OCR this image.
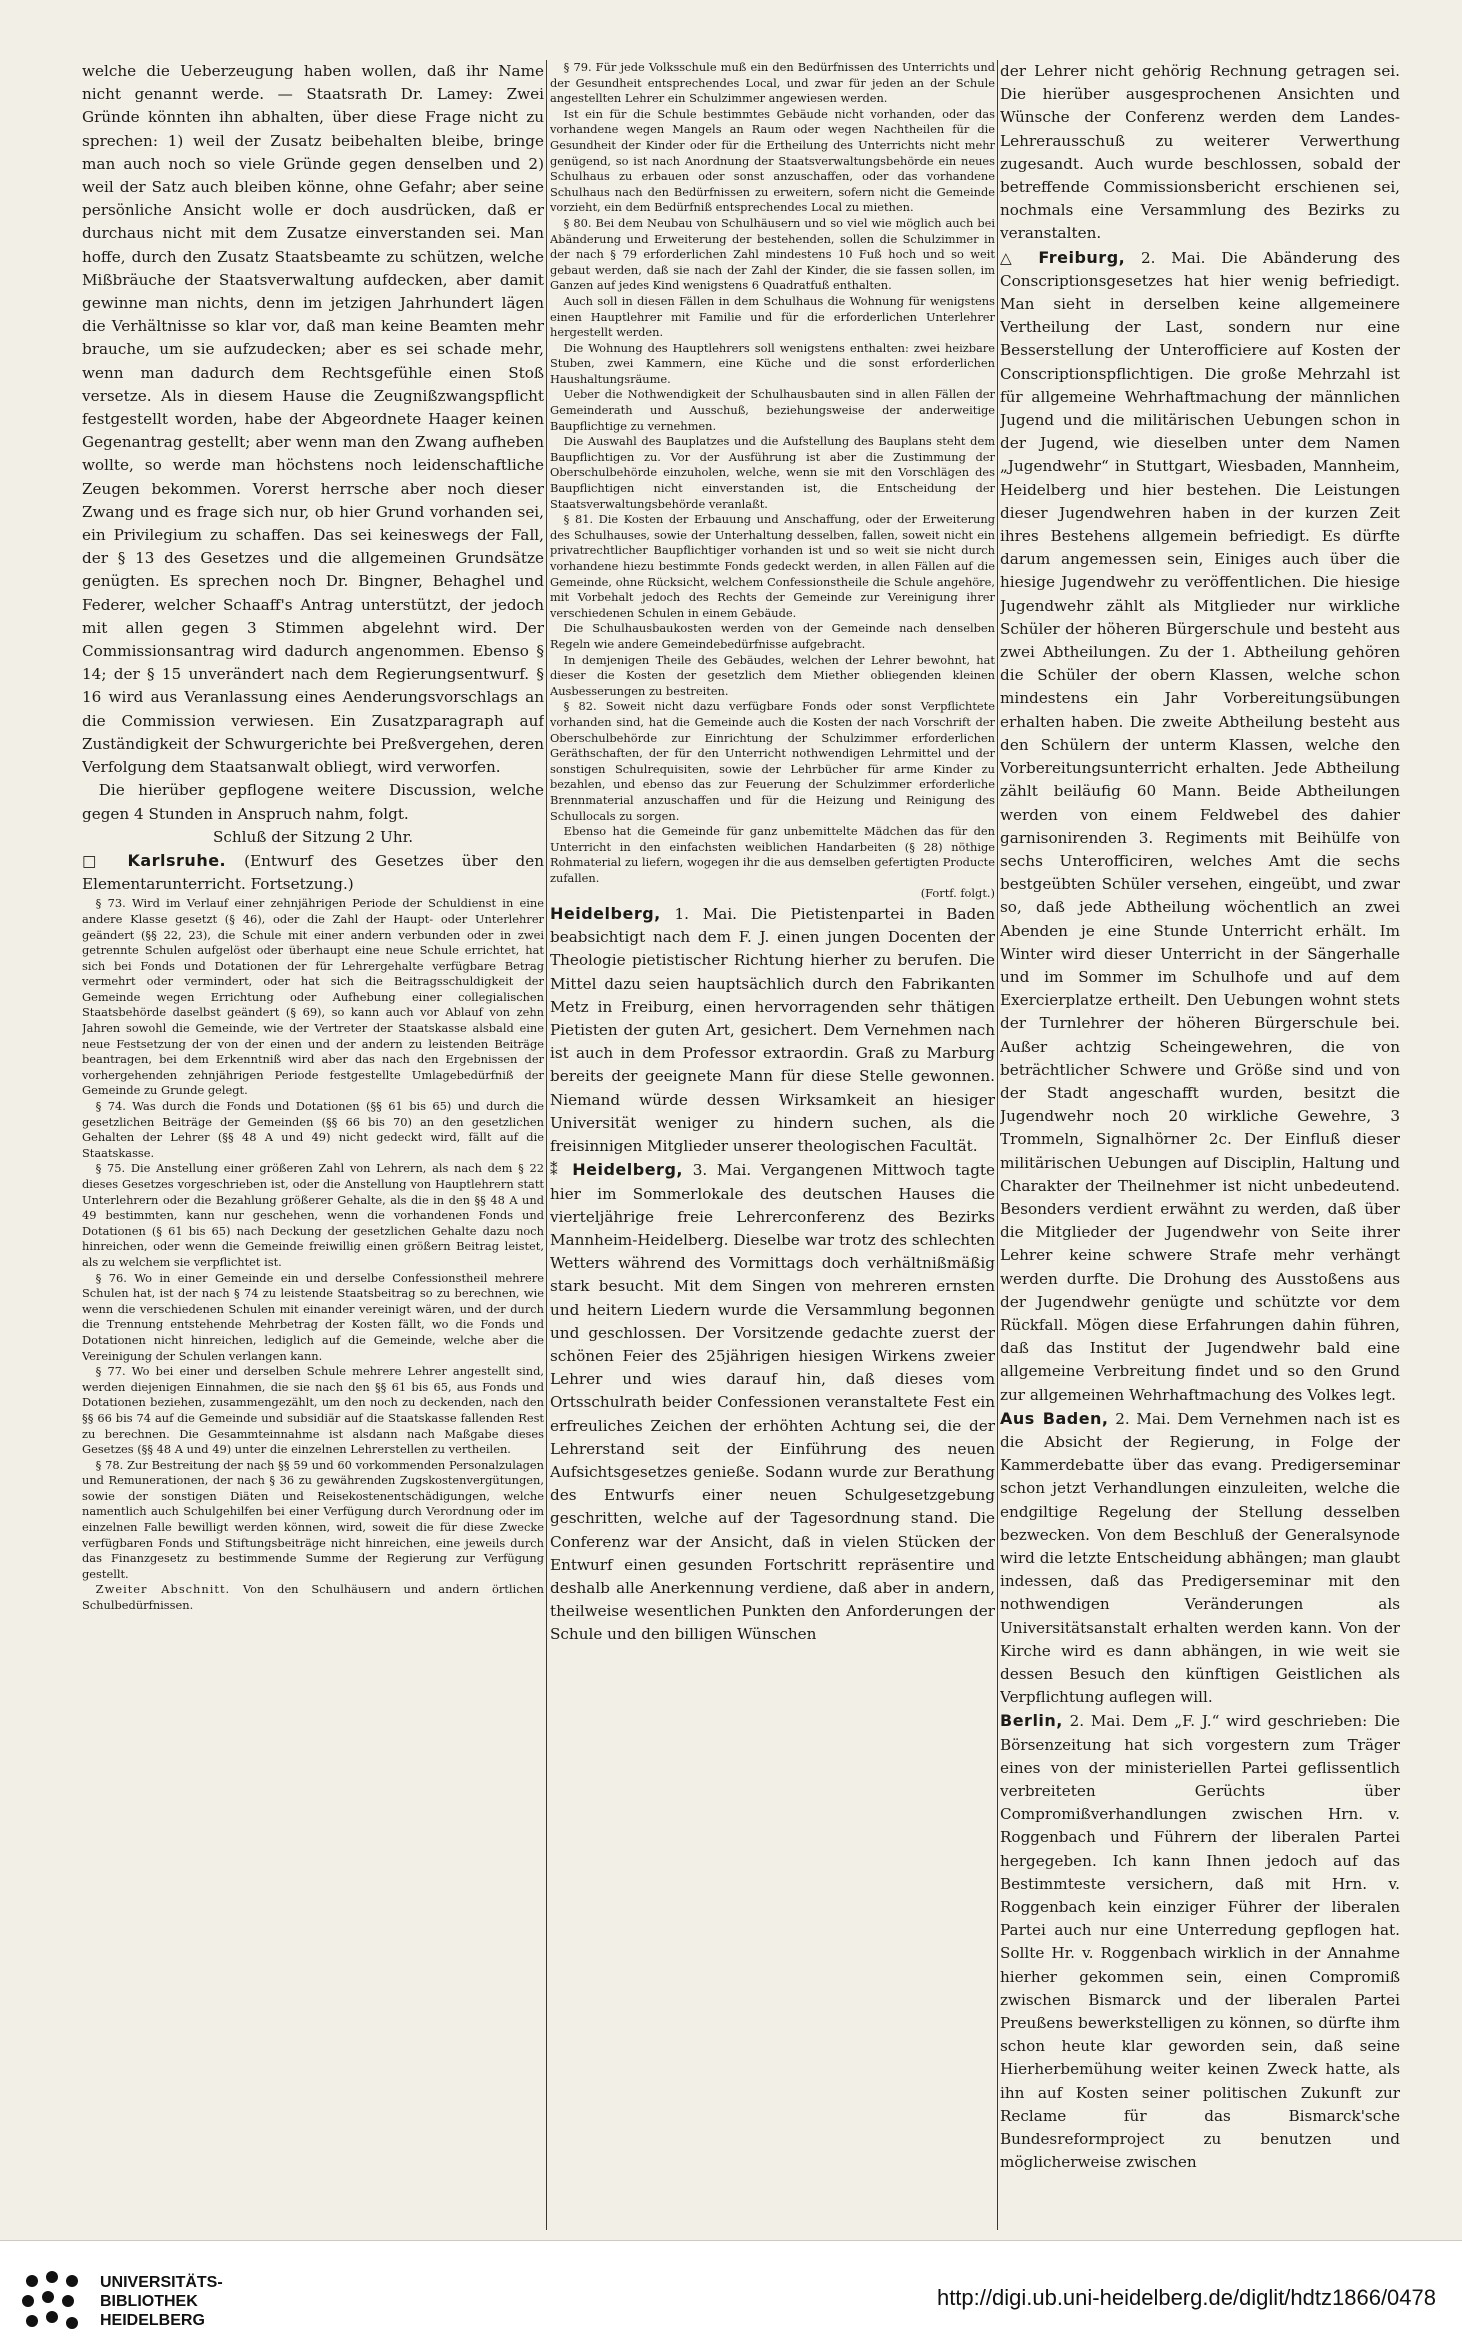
welche die Ueberzeugung haben wollen, daß ihr Name nicht genannt werde. — Staatsrath Dr. Lamey: Zwei Gründe könnten ihn abhalten, über diese Frage nicht zu sprechen: 1) weil der Zusatz beibehalten bleibe, bringe man auch noch so viele Gründe gegen denselben und 2) weil der Satz auch bleiben könne, ohne Gefahr; aber seine persönliche Ansicht wolle er doch ausdrücken, daß er durchaus nicht mit dem Zusatze einverstanden sei. Man hoffe, durch den Zusatz Staatsbeamte zu schützen, welche Mißbräuche der Staatsverwaltung aufdecken, aber damit gewinne man nichts, denn im jetzigen Jahrhundert lägen die Verhältnisse so klar vor, daß man keine Beamten mehr brauche, um sie aufzudecken; aber es sei schade mehr, wenn man dadurch dem Rechtsgefühle einen Stoß versetze. Als in diesem Hause die Zeugnißzwangspflicht festgestellt worden, habe der Abgeordnete Haager keinen Gegenantrag gestellt; aber wenn man den Zwang aufheben wollte, so werde man höchstens noch leidenschaftliche Zeugen bekommen. Vorerst herrsche aber noch dieser Zwang und es frage sich nur, ob hier Grund vorhanden sei, ein Privilegium zu schaffen. Das sei keineswegs der Fall, der § 13 des Gesetzes und die allgemeinen Grundsätze genügten. Es sprechen noch Dr. Bingner, Behaghel und Federer, welcher Schaaff's Antrag unterstützt, der jedoch mit allen gegen 3 Stimmen abgelehnt wird. Der Commissionsantrag wird dadurch angenommen. Ebenso § 14; der § 15 unverändert nach dem Regierungsentwurf. § 16 wird aus Veranlassung eines Aenderungsvorschlags an die Commission verwiesen. Ein Zusatzparagraph auf Zuständigkeit der Schwurgerichte bei Preßvergehen, deren Verfolgung dem Staatsanwalt obliegt, wird verworfen.

Die hierüber gepflogene weitere Discussion, welche gegen 4 Stunden in Anspruch nahm, folgt.

Schluß der Sitzung 2 Uhr.

□ Karlsruhe. (Entwurf des Gesetzes über den Elementarunterricht. Fortsetzung.)

§ 73. Wird im Verlauf einer zehnjährigen Periode der Schuldienst in eine andere Klasse gesetzt (§ 46), oder die Zahl der Haupt- oder Unterlehrer geändert (§§ 22, 23), die Schule mit einer andern verbunden oder in zwei getrennte Schulen aufgelöst oder überhaupt eine neue Schule errichtet, hat sich bei Fonds und Dotationen der für Lehrergehalte verfügbare Betrag vermehrt oder vermindert, oder hat sich die Beitragsschuldigkeit der Gemeinde wegen Errichtung oder Aufhebung einer collegialischen Staatsbehörde daselbst geändert (§ 69), so kann auch vor Ablauf von zehn Jahren sowohl die Gemeinde, wie der Vertreter der Staatskasse alsbald eine neue Festsetzung der von der einen und der andern zu leistenden Beiträge beantragen, bei dem Erkenntniß wird aber das nach den Ergebnissen der vorhergehenden zehnjährigen Periode festgestellte Umlagebedürfniß der Gemeinde zu Grunde gelegt.

§ 74. Was durch die Fonds und Dotationen (§§ 61 bis 65) und durch die gesetzlichen Beiträge der Gemeinden (§§ 66 bis 70) an den gesetzlichen Gehalten der Lehrer (§§ 48 A und 49) nicht gedeckt wird, fällt auf die Staatskasse.

§ 75. Die Anstellung einer größeren Zahl von Lehrern, als nach dem § 22 dieses Gesetzes vorgeschrieben ist, oder die Anstellung von Hauptlehrern statt Unterlehrern oder die Bezahlung größerer Gehalte, als die in den §§ 48 A und 49 bestimmten, kann nur geschehen, wenn die vorhandenen Fonds und Dotationen (§ 61 bis 65) nach Deckung der gesetzlichen Gehalte dazu noch hinreichen, oder wenn die Gemeinde freiwillig einen größern Beitrag leistet, als zu welchem sie verpflichtet ist.

§ 76. Wo in einer Gemeinde ein und derselbe Confessionstheil mehrere Schulen hat, ist der nach § 74 zu leistende Staatsbeitrag so zu berechnen, wie wenn die verschiedenen Schulen mit einander vereinigt wären, und der durch die Trennung entstehende Mehrbetrag der Kosten fällt, wo die Fonds und Dotationen nicht hinreichen, lediglich auf die Gemeinde, welche aber die Vereinigung der Schulen verlangen kann.

§ 77. Wo bei einer und derselben Schule mehrere Lehrer angestellt sind, werden diejenigen Einnahmen, die sie nach den §§ 61 bis 65, aus Fonds und Dotationen beziehen, zusammengezählt, um den noch zu deckenden, nach den §§ 66 bis 74 auf die Gemeinde und subsidiär auf die Staatskasse fallenden Rest zu berechnen. Die Gesammteinnahme ist alsdann nach Maßgabe dieses Gesetzes (§§ 48 A und 49) unter die einzelnen Lehrerstellen zu vertheilen.

§ 78. Zur Bestreitung der nach §§ 59 und 60 vorkommenden Personalzulagen und Remunerationen, der nach § 36 zu gewährenden Zugskostenvergütungen, sowie der sonstigen Diäten und Reisekostenentschädigungen, welche namentlich auch Schulgehilfen bei einer Verfügung durch Verordnung oder im einzelnen Falle bewilligt werden können, wird, soweit die für diese Zwecke verfügbaren Fonds und Stiftungsbeiträge nicht hinreichen, eine jeweils durch das Finanzgesetz zu bestimmende Summe der Regierung zur Verfügung gestellt.

Zweiter Abschnitt. Von den Schulhäusern und andern örtlichen Schulbedürfnissen.

§ 79. Für jede Volksschule muß ein den Bedürfnissen des Unterrichts und der Gesundheit entsprechendes Local, und zwar für jeden an der Schule angestellten Lehrer ein Schulzimmer angewiesen werden.

Ist ein für die Schule bestimmtes Gebäude nicht vorhanden, oder das vorhandene wegen Mangels an Raum oder wegen Nachtheilen für die Gesundheit der Kinder oder für die Ertheilung des Unterrichts nicht mehr genügend, so ist nach Anordnung der Staatsverwaltungsbehörde ein neues Schulhaus zu erbauen oder sonst anzuschaffen, oder das vorhandene Schulhaus nach den Bedürfnissen zu erweitern, sofern nicht die Gemeinde vorzieht, ein dem Bedürfniß entsprechendes Local zu miethen.

§ 80. Bei dem Neubau von Schulhäusern und so viel wie möglich auch bei Abänderung und Erweiterung der bestehenden, sollen die Schulzimmer in der nach § 79 erforderlichen Zahl mindestens 10 Fuß hoch und so weit gebaut werden, daß sie nach der Zahl der Kinder, die sie fassen sollen, im Ganzen auf jedes Kind wenigstens 6 Quadratfuß enthalten.

Auch soll in diesen Fällen in dem Schulhaus die Wohnung für wenigstens einen Hauptlehrer mit Familie und für die erforderlichen Unterlehrer hergestellt werden.

Die Wohnung des Hauptlehrers soll wenigstens enthalten: zwei heizbare Stuben, zwei Kammern, eine Küche und die sonst erforderlichen Haushaltungsräume.

Ueber die Nothwendigkeit der Schulhausbauten sind in allen Fällen der Gemeinderath und Ausschuß, beziehungsweise der anderweitige Baupflichtige zu vernehmen.

Die Auswahl des Bauplatzes und die Aufstellung des Bauplans steht dem Baupflichtigen zu. Vor der Ausführung ist aber die Zustimmung der Oberschulbehörde einzuholen, welche, wenn sie mit den Vorschlägen des Baupflichtigen nicht einverstanden ist, die Entscheidung der Staatsverwaltungsbehörde veranlaßt.

§ 81. Die Kosten der Erbauung und Anschaffung, oder der Erweiterung des Schulhauses, sowie der Unterhaltung desselben, fallen, soweit nicht ein privatrechtlicher Baupflichtiger vorhanden ist und so weit sie nicht durch vorhandene hiezu bestimmte Fonds gedeckt werden, in allen Fällen auf die Gemeinde, ohne Rücksicht, welchem Confessionstheile die Schule angehöre, mit Vorbehalt jedoch des Rechts der Gemeinde zur Vereinigung ihrer verschiedenen Schulen in einem Gebäude.

Die Schulhausbaukosten werden von der Gemeinde nach denselben Regeln wie andere Gemeindebedürfnisse aufgebracht.

In demjenigen Theile des Gebäudes, welchen der Lehrer bewohnt, hat dieser die Kosten der gesetzlich dem Miether obliegenden kleinen Ausbesserungen zu bestreiten.

§ 82. Soweit nicht dazu verfügbare Fonds oder sonst Verpflichtete vorhanden sind, hat die Gemeinde auch die Kosten der nach Vorschrift der Oberschulbehörde zur Einrichtung der Schulzimmer erforderlichen Geräthschaften, der für den Unterricht nothwendigen Lehrmittel und der sonstigen Schulrequisiten, sowie der Lehrbücher für arme Kinder zu bezahlen, und ebenso das zur Feuerung der Schulzimmer erforderliche Brennmaterial anzuschaffen und für die Heizung und Reinigung des Schullocals zu sorgen.

Ebenso hat die Gemeinde für ganz unbemittelte Mädchen das für den Unterricht in den einfachsten weiblichen Handarbeiten (§ 28) nöthige Rohmaterial zu liefern, wogegen ihr die aus demselben gefertigten Producte zufallen.

(Fortf. folgt.)

Heidelberg, 1. Mai. Die Pietistenpartei in Baden beabsichtigt nach dem F. J. einen jungen Docenten der Theologie pietistischer Richtung hierher zu berufen. Die Mittel dazu seien hauptsächlich durch den Fabrikanten Metz in Freiburg, einen hervorragenden sehr thätigen Pietisten der guten Art, gesichert. Dem Vernehmen nach ist auch in dem Professor extraordin. Graß zu Marburg bereits der geeignete Mann für diese Stelle gewonnen. Niemand würde dessen Wirksamkeit an hiesiger Universität weniger zu hindern suchen, als die freisinnigen Mitglieder unserer theologischen Facultät.

⁑ Heidelberg, 3. Mai. Vergangenen Mittwoch tagte hier im Sommerlokale des deutschen Hauses die vierteljährige freie Lehrerconferenz des Bezirks Mannheim-Heidelberg. Dieselbe war trotz des schlechten Wetters während des Vormittags doch verhältnißmäßig stark besucht. Mit dem Singen von mehreren ernsten und heitern Liedern wurde die Versammlung begonnen und geschlossen. Der Vorsitzende gedachte zuerst der schönen Feier des 25jährigen hiesigen Wirkens zweier Lehrer und wies darauf hin, daß dieses vom Ortsschulrath beider Confessionen veranstaltete Fest ein erfreuliches Zeichen der erhöhten Achtung sei, die der Lehrerstand seit der Einführung des neuen Aufsichtsgesetzes genieße. Sodann wurde zur Berathung des Entwurfs einer neuen Schulgesetzgebung geschritten, welche auf der Tagesordnung stand. Die Conferenz war der Ansicht, daß in vielen Stücken der Entwurf einen gesunden Fortschritt repräsentire und deshalb alle Anerkennung verdiene, daß aber in andern, theilweise wesentlichen Punkten den Anforderungen der Schule und den billigen Wünschen

der Lehrer nicht gehörig Rechnung getragen sei. Die hierüber ausgesprochenen Ansichten und Wünsche der Conferenz werden dem Landes-Lehrerausschuß zu weiterer Verwerthung zugesandt. Auch wurde beschlossen, sobald der betreffende Commissionsbericht erschienen sei, nochmals eine Versammlung des Bezirks zu veranstalten.

△ Freiburg, 2. Mai. Die Abänderung des Conscriptionsgesetzes hat hier wenig befriedigt. Man sieht in derselben keine allgemeinere Vertheilung der Last, sondern nur eine Besserstellung der Unterofficiere auf Kosten der Conscriptionspflichtigen. Die große Mehrzahl ist für allgemeine Wehrhaftmachung der männlichen Jugend und die militärischen Uebungen schon in der Jugend, wie dieselben unter dem Namen „Jugendwehr“ in Stuttgart, Wiesbaden, Mannheim, Heidelberg und hier bestehen. Die Leistungen dieser Jugendwehren haben in der kurzen Zeit ihres Bestehens allgemein befriedigt. Es dürfte darum angemessen sein, Einiges auch über die hiesige Jugendwehr zu veröffentlichen. Die hiesige Jugendwehr zählt als Mitglieder nur wirkliche Schüler der höheren Bürgerschule und besteht aus zwei Abtheilungen. Zu der 1. Abtheilung gehören die Schüler der obern Klassen, welche schon mindestens ein Jahr Vorbereitungsübungen erhalten haben. Die zweite Abtheilung besteht aus den Schülern der unterm Klassen, welche den Vorbereitungsunterricht erhalten. Jede Abtheilung zählt beiläufig 60 Mann. Beide Abtheilungen werden von einem Feldwebel des dahier garnisonirenden 3. Regiments mit Beihülfe von sechs Unterofficiren, welches Amt die sechs bestgeübten Schüler versehen, eingeübt, und zwar so, daß jede Abtheilung wöchentlich an zwei Abenden je eine Stunde Unterricht erhält. Im Winter wird dieser Unterricht in der Sängerhalle und im Sommer im Schulhofe und auf dem Exercierplatze ertheilt. Den Uebungen wohnt stets der Turnlehrer der höheren Bürgerschule bei. Außer achtzig Scheingewehren, die von beträchtlicher Schwere und Größe sind und von der Stadt angeschafft wurden, besitzt die Jugendwehr noch 20 wirkliche Gewehre, 3 Trommeln, Signalhörner 2c. Der Einfluß dieser militärischen Uebungen auf Disciplin, Haltung und Charakter der Theilnehmer ist nicht unbedeutend. Besonders verdient erwähnt zu werden, daß über die Mitglieder der Jugendwehr von Seite ihrer Lehrer keine schwere Strafe mehr verhängt werden durfte. Die Drohung des Ausstoßens aus der Jugendwehr genügte und schützte vor dem Rückfall. Mögen diese Erfahrungen dahin führen, daß das Institut der Jugendwehr bald eine allgemeine Verbreitung findet und so den Grund zur allgemeinen Wehrhaftmachung des Volkes legt.

Aus Baden, 2. Mai. Dem Vernehmen nach ist es die Absicht der Regierung, in Folge der Kammerdebatte über das evang. Predigerseminar schon jetzt Verhandlungen einzuleiten, welche die endgiltige Regelung der Stellung desselben bezwecken. Von dem Beschluß der Generalsynode wird die letzte Entscheidung abhängen; man glaubt indessen, daß das Predigerseminar mit den nothwendigen Veränderungen als Universitätsanstalt erhalten werden kann. Von der Kirche wird es dann abhängen, in wie weit sie dessen Besuch den künftigen Geistlichen als Verpflichtung auflegen will.

Berlin, 2. Mai. Dem „F. J.“ wird geschrieben: Die Börsenzeitung hat sich vorgestern zum Träger eines von der ministeriellen Partei geflissentlich verbreiteten Gerüchts über Compromißverhandlungen zwischen Hrn. v. Roggenbach und Führern der liberalen Partei hergegeben. Ich kann Ihnen jedoch auf das Bestimmteste versichern, daß mit Hrn. v. Roggenbach kein einziger Führer der liberalen Partei auch nur eine Unterredung gepflogen hat. Sollte Hr. v. Roggenbach wirklich in der Annahme hierher gekommen sein, einen Compromiß zwischen Bismarck und der liberalen Partei Preußens bewerkstelligen zu können, so dürfte ihm schon heute klar geworden sein, daß seine Hierherbemühung weiter keinen Zweck hatte, als ihn auf Kosten seiner politischen Zukunft zur Reclame für das Bismarck'sche Bundesreformproject zu benutzen und möglicherweise zwischen

UNIVERSITÄTS-
BIBLIOTHEK
HEIDELBERG
http://digi.ub.uni-heidelberg.de/diglit/hdtz1866/0478
